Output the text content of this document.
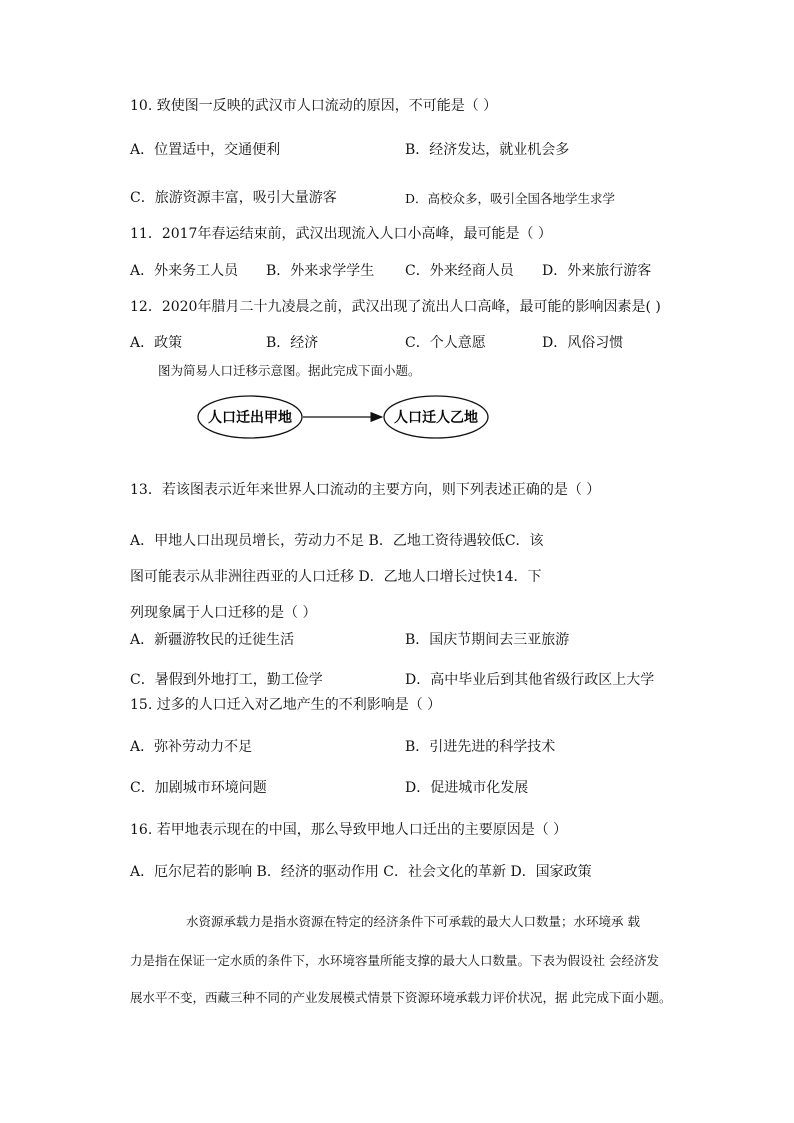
10. 致使图一反映的武汉市人口流动的原因，不可能是（ ）
A．位置适中，交通便利	B．经济发达，就业机会多
C．旅游资源丰富，吸引大量游客	D．高校众多，吸引全国各地学生求学
11．2017年春运结束前，武汉出现流入人口小高峰，最可能是（ ）
A．外来务工人员 B．外来求学学生 C．外来经商人员 D．外来旅行游客
12．2020年腊月二十九凌晨之前，武汉出现了流出人口高峰，最可能的影响因素是( )
A．政策	B．经济	C．个人意愿	D．风俗习惯
图为简易人口迁移示意图。据此完成下面小题。
人口迁出甲地	人口迁人乙地
13．若该图表示近年来世界人口流动的主要方向，则下列表述正确的是（ ）
A．甲地人口出现员增长，劳动力不足 B．乙地工资待遇较低C．该
图可能表示从非洲往西亚的人口迁移 D．乙地人口增长过快14．下
列现象属于人口迁移的是（ ）
A．新疆游牧民的迁徙生活	B．国庆节期间去三亚旅游
C．暑假到外地打工，勤工俭学	D．高中毕业后到其他省级行政区上大学
15. 过多的人口迁入对乙地产生的不利影响是（ ）
A．弥补劳动力不足	B．引进先进的科学技术
C．加剧城市环境问题	D．促进城市化发展
16. 若甲地表示现在的中国，那么导致甲地人口迁出的主要原因是（ ）
A．厄尔尼若的影响 B．经济的驱动作用 C．社会文化的革新 D．国家政策
水资源承载力是指水资源在特定的经济条件下可承载的最大人口数量；水环境承 载
力是指在保证一定水质的条件下，水环境容量所能支撑的最大人口数量。下表为假设社 会经济发
展水平不变，西藏三种不同的产业发展模式情景下资源环境承载力评价状况，据 此完成下面小题。
